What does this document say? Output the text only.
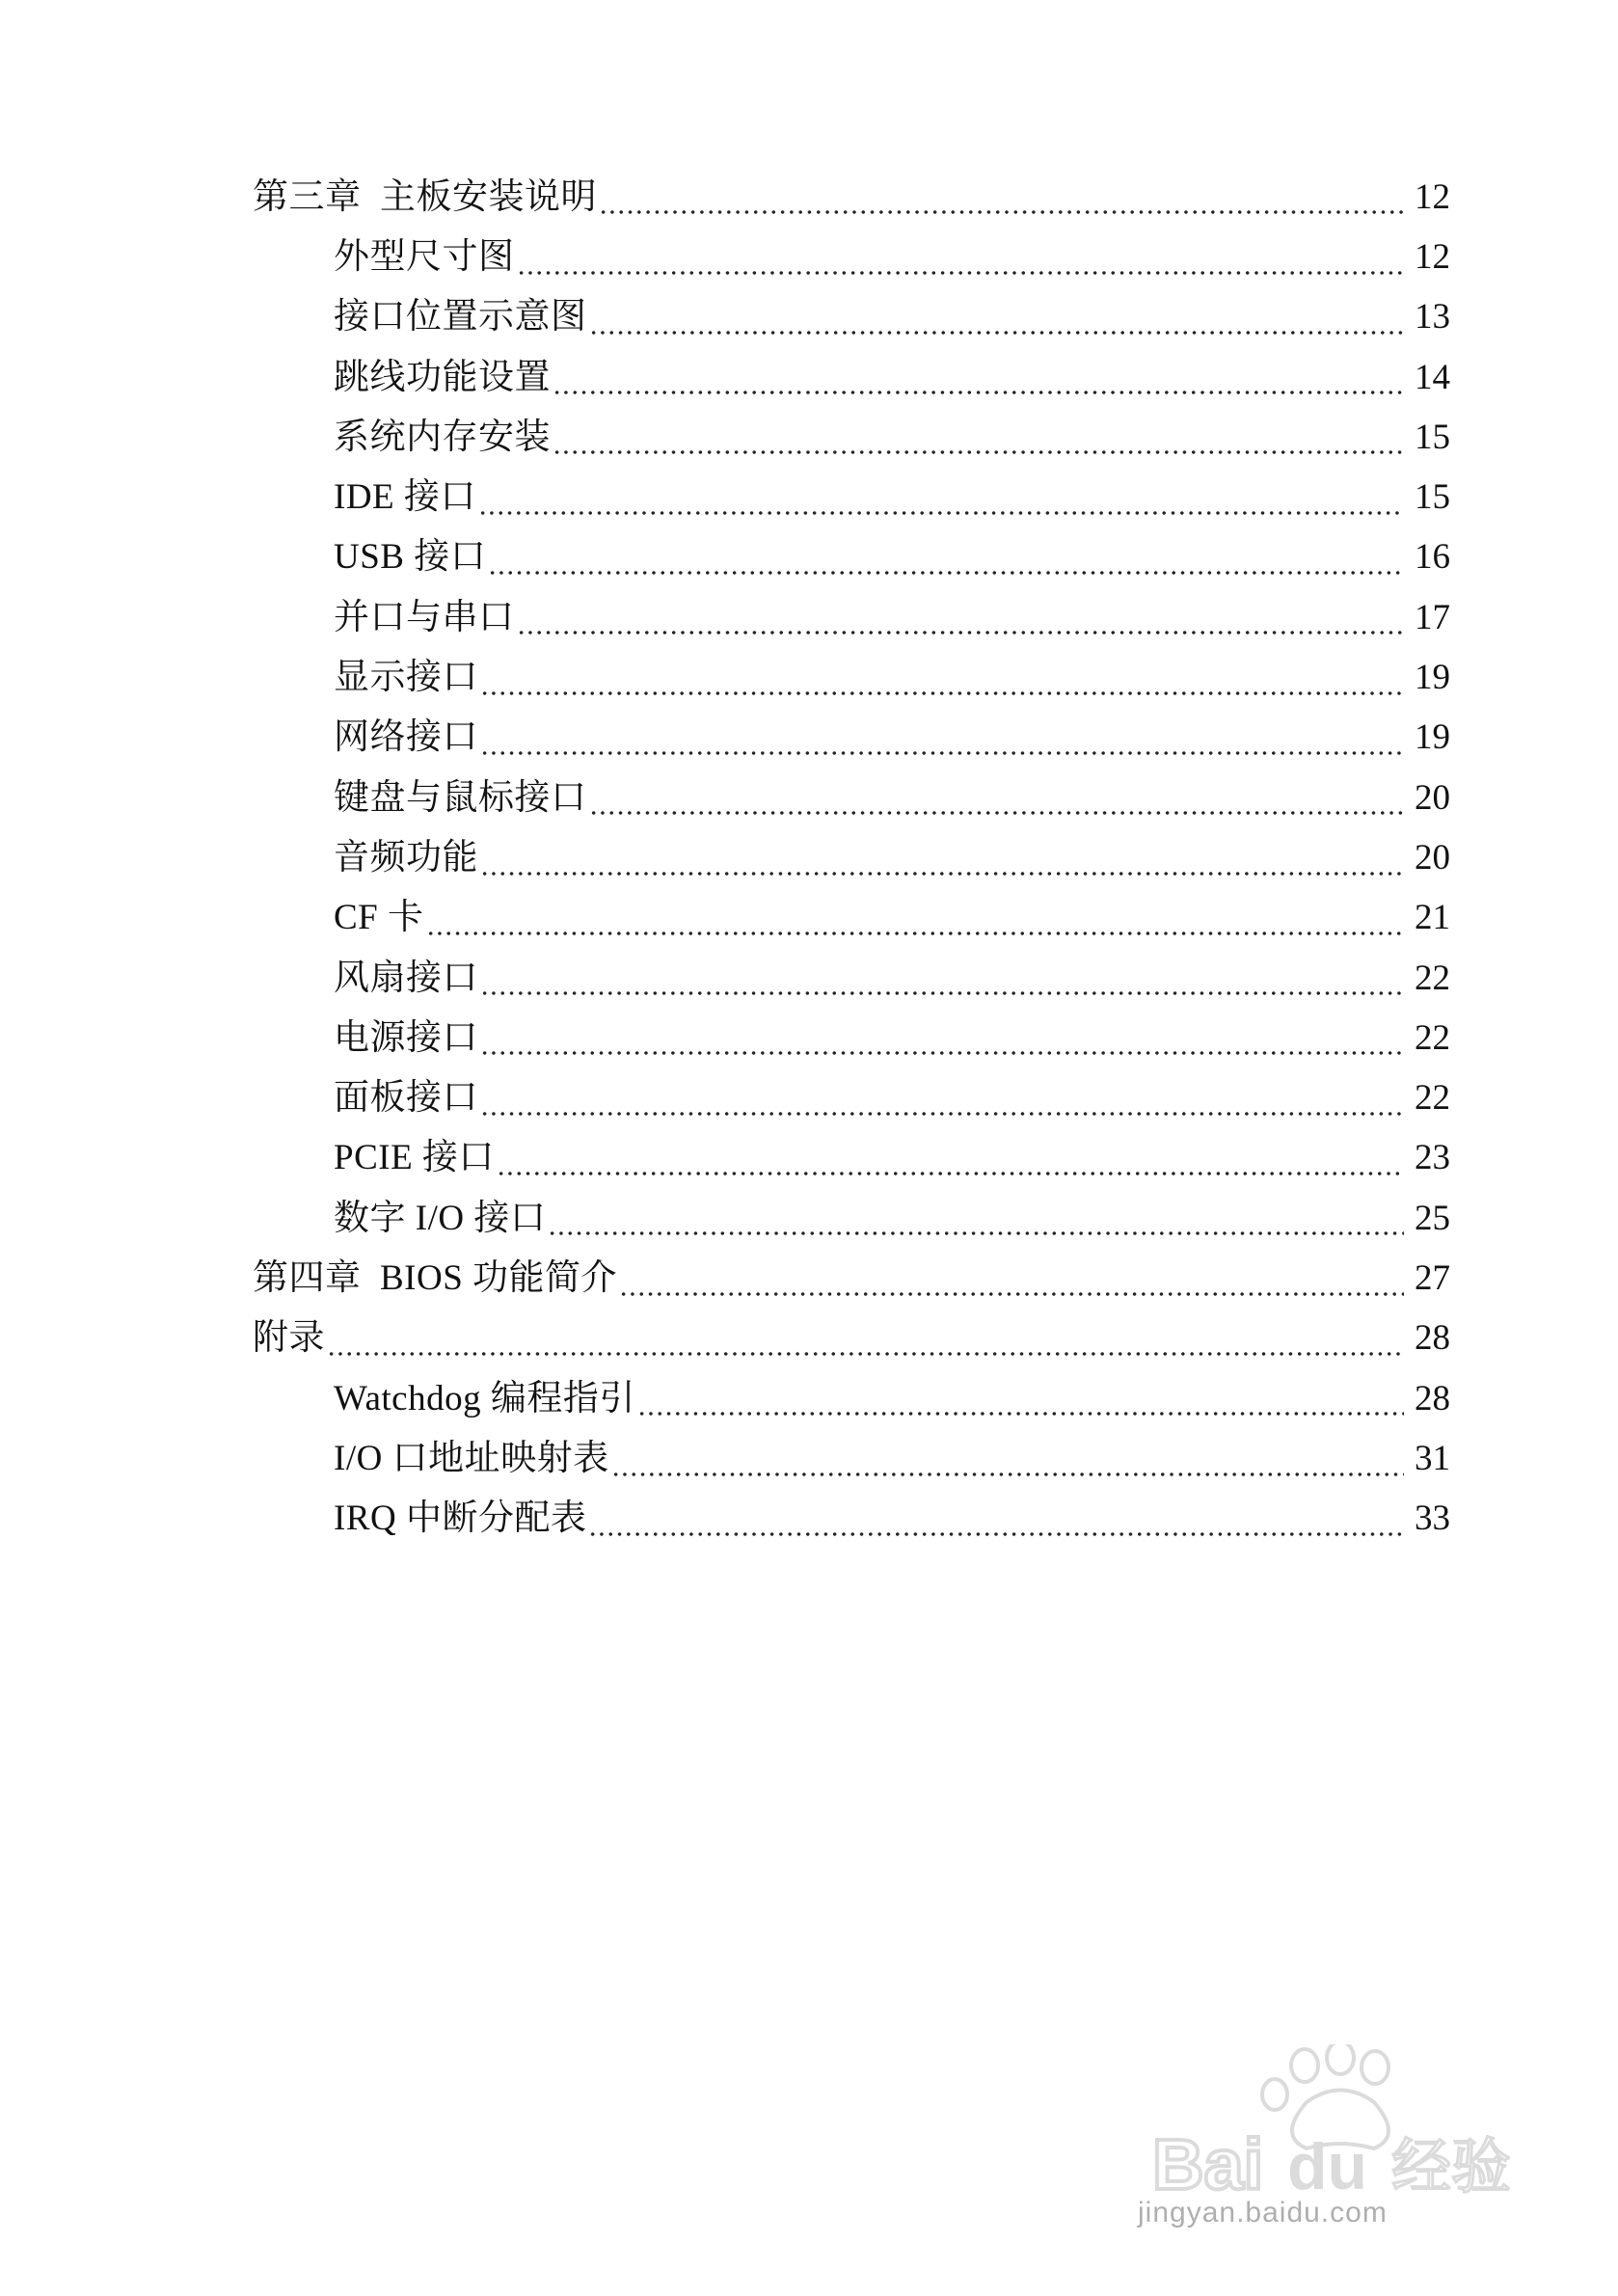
第三章  主板安装说明	12
外型尺寸图	12
接口位置示意图	13
跳线功能设置	14
系统内存安装	15
IDE 接口	15
USB 接口	16
并口与串口	17
显示接口	19
网络接口	19
键盘与鼠标接口	20
音频功能	20
CF 卡	21
风扇接口	22
电源接口	22
面板接口	22
PCIE 接口	23
数字 I/O 接口	25
第四章  BIOS 功能简介	27
附录	28
Watchdog 编程指引	28
I/O 口地址映射表	31
IRQ 中断分配表	33
Bai du 经验
jingyan.baidu.com
